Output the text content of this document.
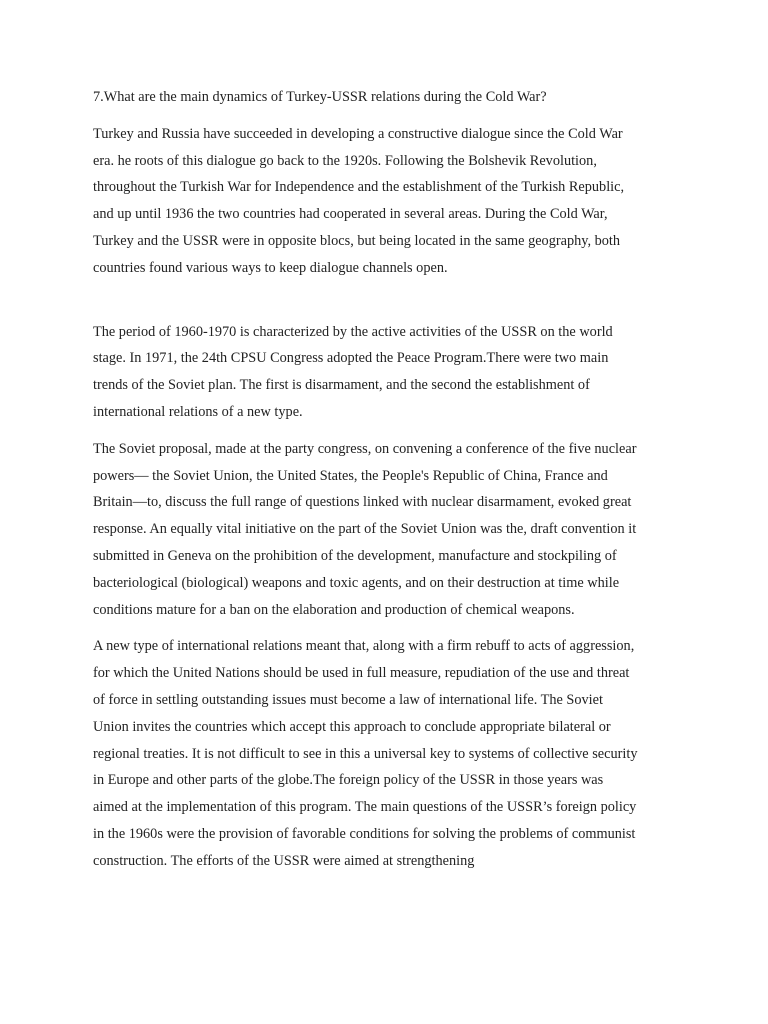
7.What are the main dynamics of Turkey-USSR relations during the Cold War?

Turkey and Russia have succeeded in developing a constructive dialogue since the Cold War era. he roots of this dialogue go back to the 1920s. Following the Bolshevik Revolution, throughout the Turkish War for Independence and the establishment of the Turkish Republic, and up until 1936 the two countries had cooperated in several areas. During the Cold War, Turkey and the USSR were in opposite blocs, but being located in the same geography, both countries found various ways to keep dialogue channels open.

The period of 1960-1970 is characterized by the active activities of the USSR on the world stage. In 1971, the 24th CPSU Congress adopted the Peace Program.There were two main trends of the Soviet plan. The first is disarmament, and the second the establishment of international relations of a new type.

The Soviet proposal, made at the party congress, on convening a conference of the five nuclear powers— the Soviet Union, the United States, the People's Republic of China, France and Britain—to, discuss the full range of questions linked with nuclear disarmament, evoked great response. An equally vital initiative on the part of the Soviet Union was the, draft convention it submitted in Geneva on the prohibition of the development, manufacture and stockpiling of bacteriological (biological) weapons and toxic agents, and on their destruction at time while conditions mature for a ban on the elaboration and production of chemical weapons.

A new type of international relations meant that, along with a firm rebuff to acts of aggression, for which the United Nations should be used in full measure, repudiation of the use and threat of force in settling outstanding issues must become a law of international life. The Soviet Union invites the countries which accept this approach to conclude appropriate bilateral or regional treaties. It is not difficult to see in this a universal key to systems of collective security in Europe and other parts of the globe.The foreign policy of the USSR in those years was aimed at the implementation of this program. The main questions of the USSR’s foreign policy in the 1960s were the provision of favorable conditions for solving the problems of communist construction. The efforts of the USSR were aimed at strengthening
